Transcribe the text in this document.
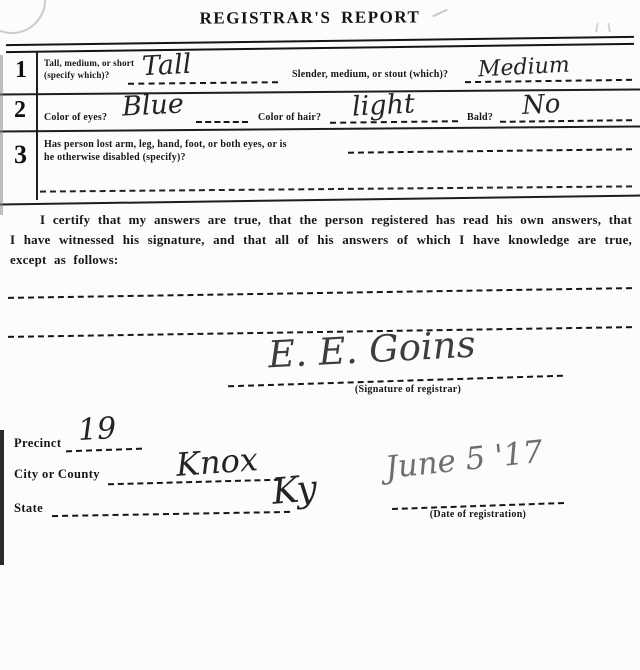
REGISTRAR'S REPORT
1 Tall, medium, or short (specify which)?	Tall	Slender, medium, or stout (which)? Medium
2 Color of eyes? Blue	Color of hair? light	Bald? No
3 Has person lost arm, leg, hand, foot, or both eyes, or is he otherwise disabled (specify)?
I certify that my answers are true, that the person registered has read his own answers, that I have witnessed his signature, and that all of his answers of which I have knowledge are true, except as follows:
E. E. Goins
(Signature of registrar)
Precinct 19
City or County Knox
State	Ky
June 5 '17
(Date of registration)
